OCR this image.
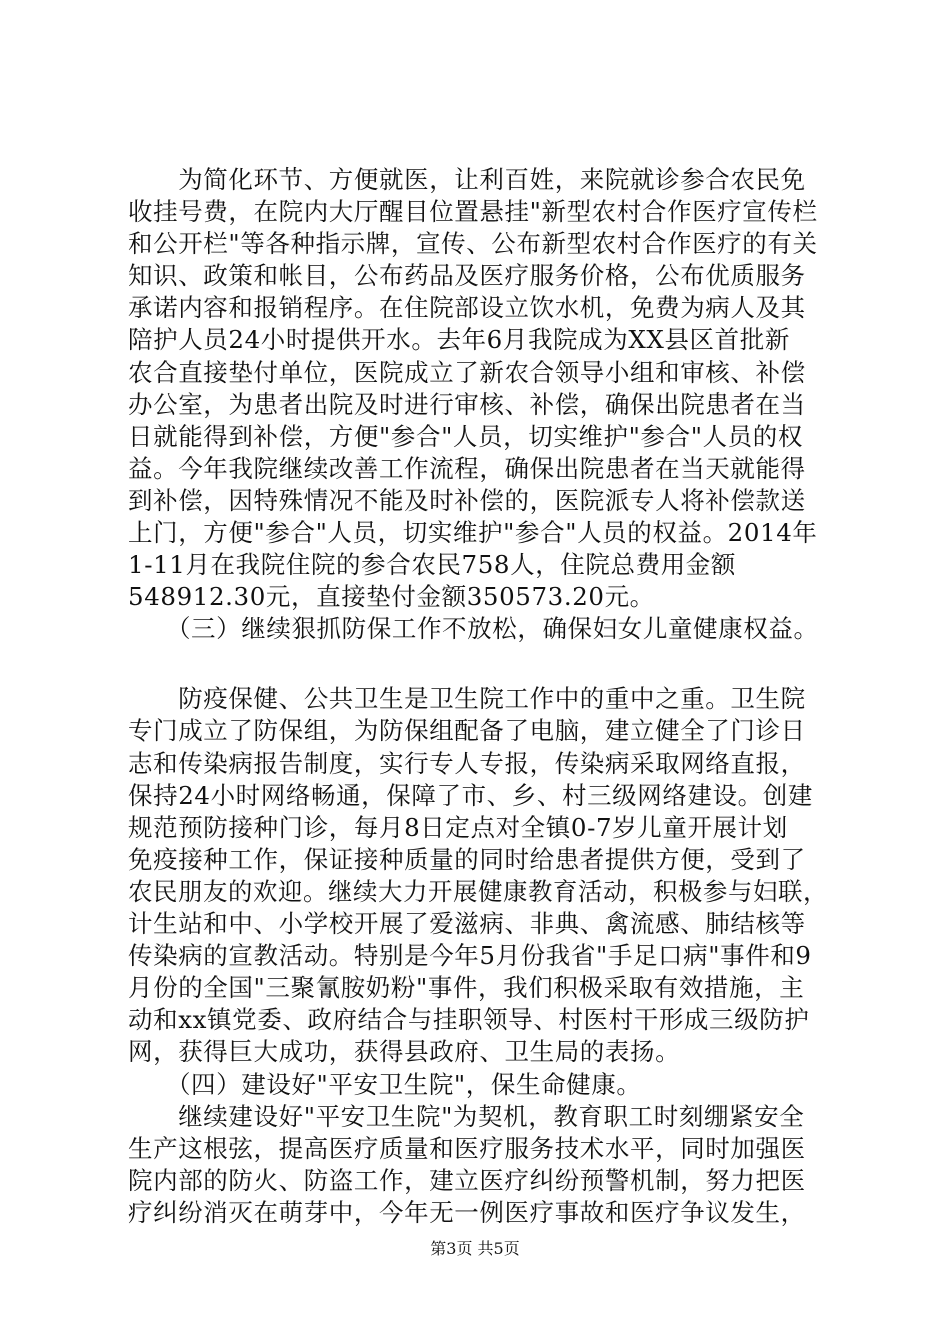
　　为简化环节、方便就医，让利百姓，来院就诊参合农民免
收挂号费，在院内大厅醒目位置悬挂"新型农村合作医疗宣传栏
和公开栏"等各种指示牌，宣传、公布新型农村合作医疗的有关
知识、政策和帐目，公布药品及医疗服务价格，公布优质服务
承诺内容和报销程序。在住院部设立饮水机，免费为病人及其
陪护人员24小时提供开水。去年6月我院成为XX县区首批新
农合直接垫付单位，医院成立了新农合领导小组和审核、补偿
办公室，为患者出院及时进行审核、补偿，确保出院患者在当
日就能得到补偿，方便"参合"人员，切实维护"参合"人员的权
益。今年我院继续改善工作流程，确保出院患者在当天就能得
到补偿，因特殊情况不能及时补偿的，医院派专人将补偿款送
上门，方便"参合"人员，切实维护"参合"人员的权益。2014年
1-11月在我院住院的参合农民758人，住院总费用金额
548912.30元，直接垫付金额350573.20元。
　　（三）继续狠抓防保工作不放松，确保妇女儿童健康权益。
　　防疫保健、公共卫生是卫生院工作中的重中之重。卫生院
专门成立了防保组，为防保组配备了电脑，建立健全了门诊日
志和传染病报告制度，实行专人专报，传染病采取网络直报，
保持24小时网络畅通，保障了市、乡、村三级网络建设。创建
规范预防接种门诊，每月8日定点对全镇0-7岁儿童开展计划
免疫接种工作，保证接种质量的同时给患者提供方便，受到了
农民朋友的欢迎。继续大力开展健康教育活动，积极参与妇联，
计生站和中、小学校开展了爱滋病、非典、禽流感、肺结核等
传染病的宣教活动。特别是今年5月份我省"手足口病"事件和9
月份的全国"三聚氰胺奶粉"事件，我们积极采取有效措施，主
动和xx镇党委、政府结合与挂职领导、村医村干形成三级防护
网，获得巨大成功，获得县政府、卫生局的表扬。
　　（四）建设好"平安卫生院"，保生命健康。
　　继续建设好"平安卫生院"为契机，教育职工时刻绷紧安全
生产这根弦，提高医疗质量和医疗服务技术水平，同时加强医
院内部的防火、防盗工作，建立医疗纠纷预警机制，努力把医
疗纠纷消灭在萌芽中，今年无一例医疗事故和医疗争议发生，
第3页 共5页
